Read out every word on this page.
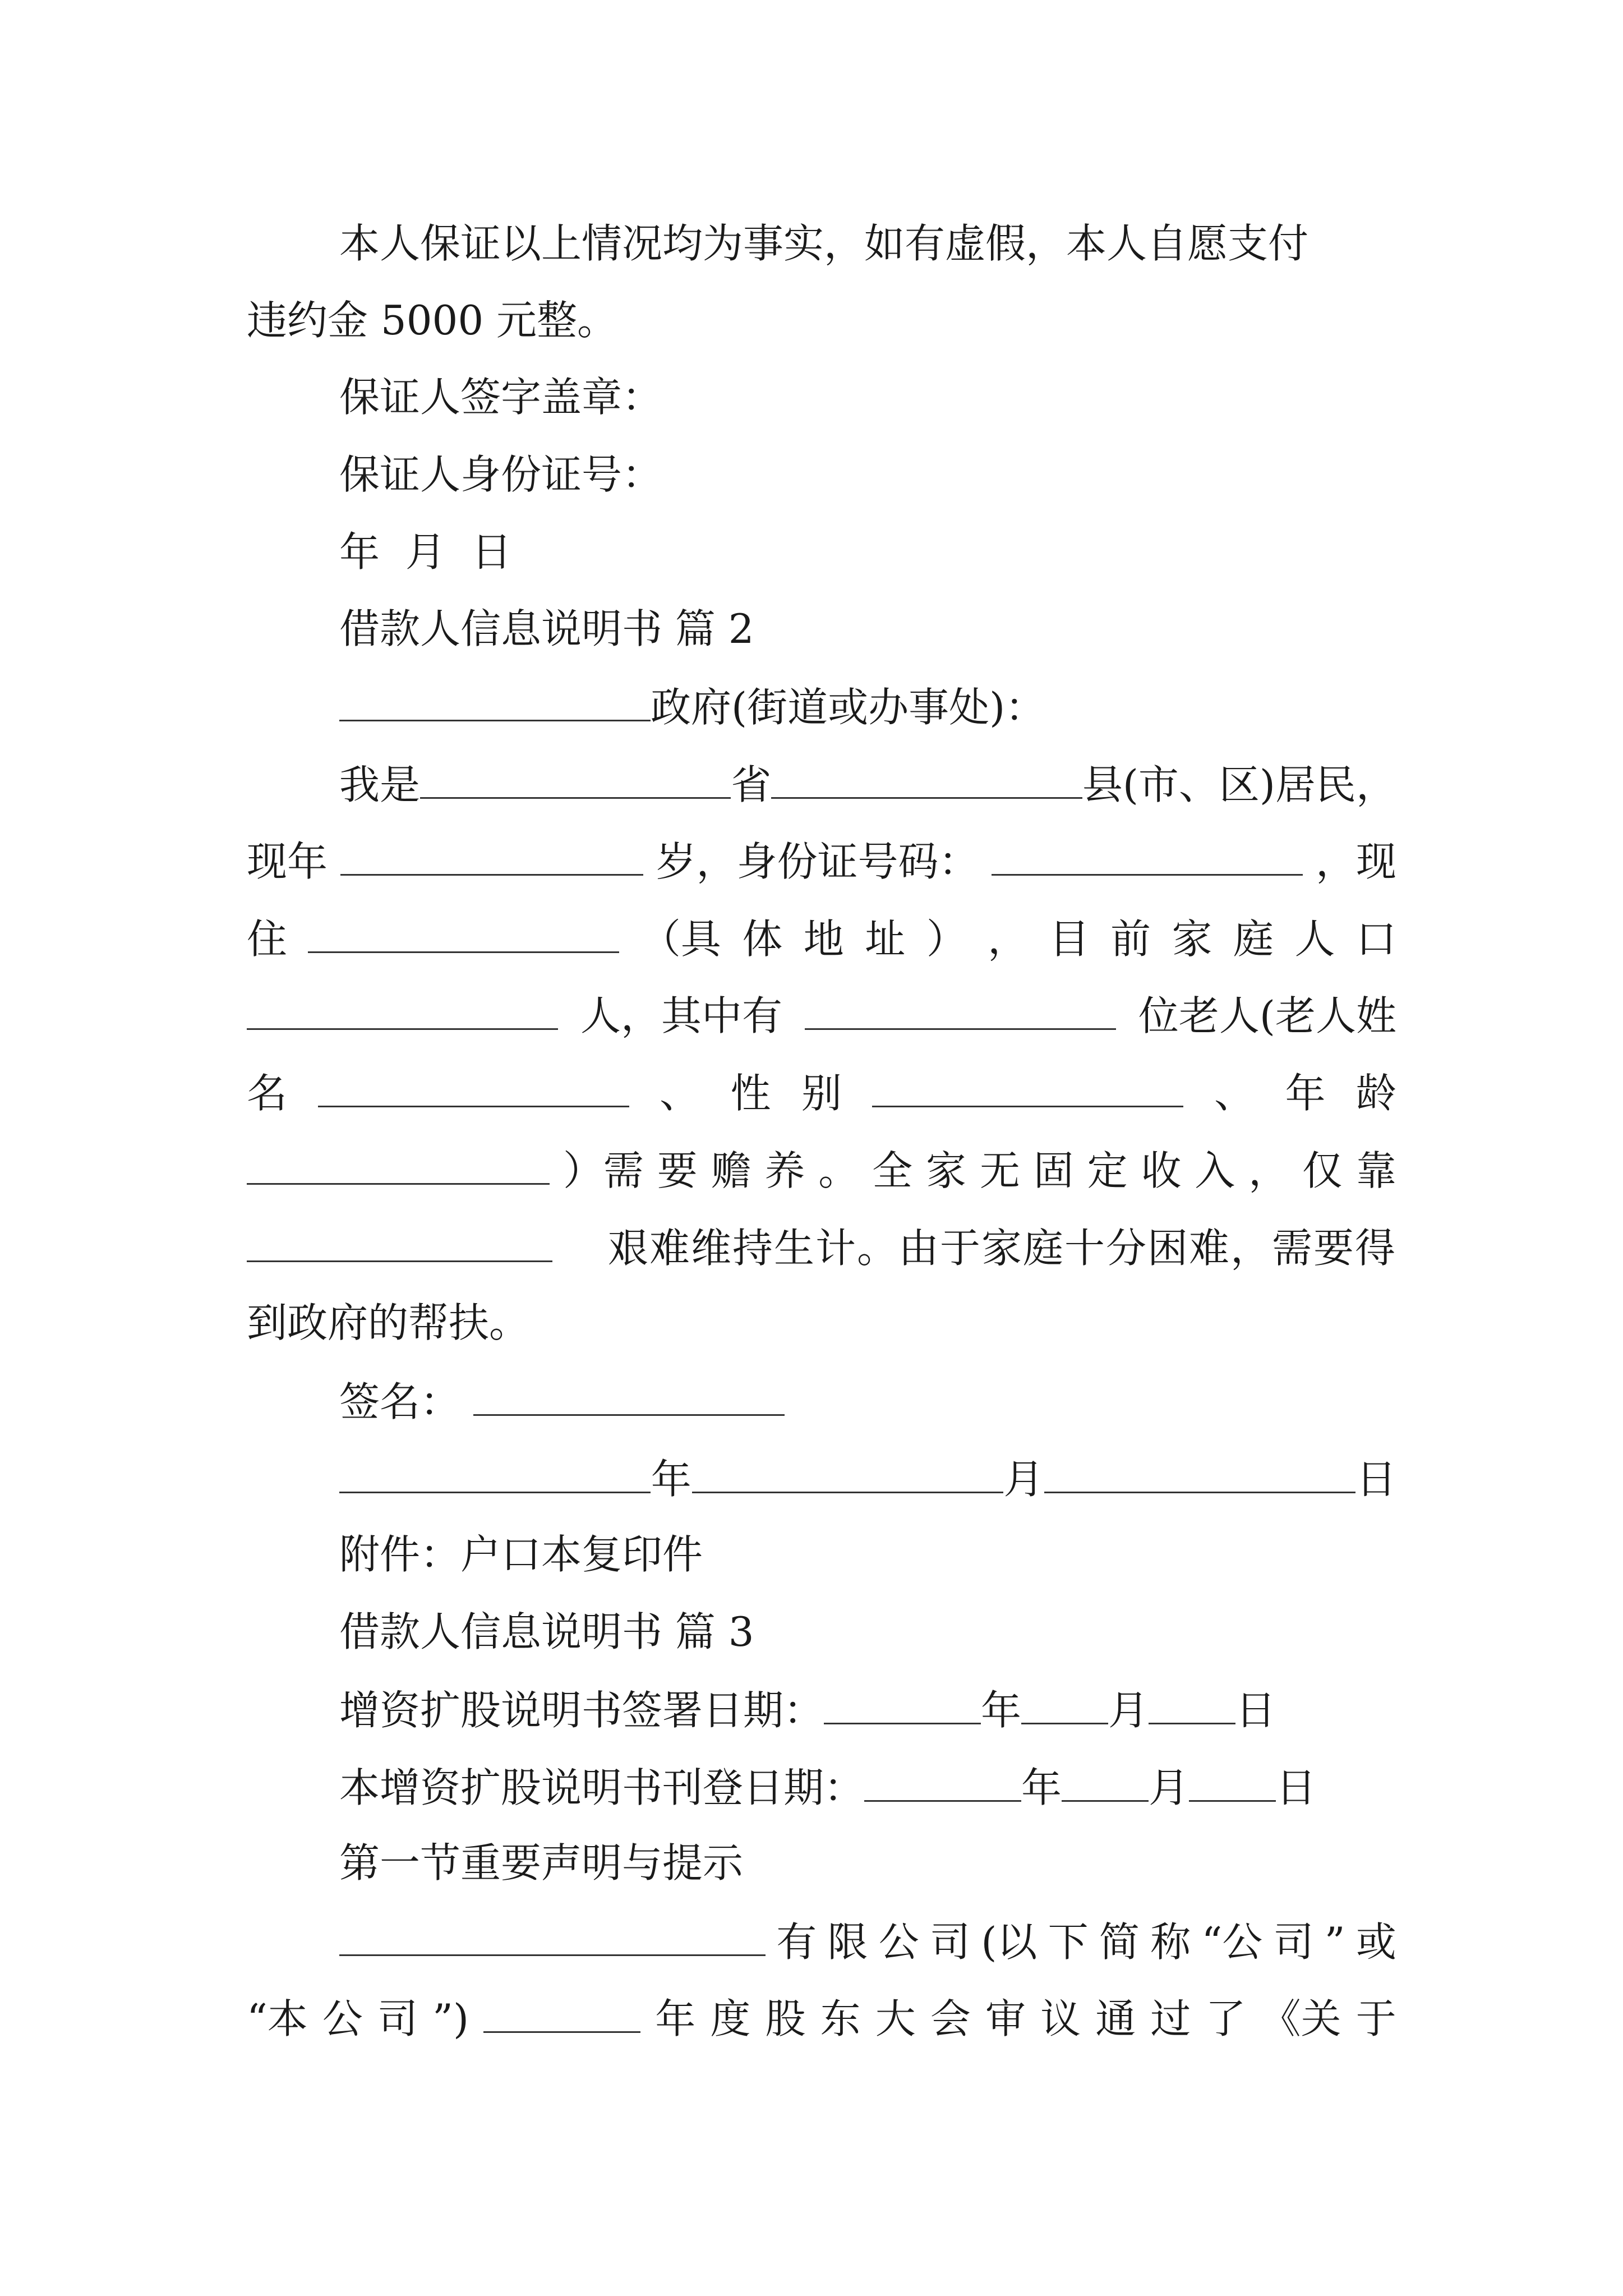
本人保证以上情况均为事实，如有虚假，本人自愿支付
违约金 5000 元整。
保证人签字盖章：
保证人身份证号：
年  月  日
借款人信息说明书 篇 2
政府(街道或办事处)：
我是	省	县(市、区)居民，
现年	岁，身份证号码：	，现
住	（具 体 地 址 ） ， 目 前 家 庭 人 口
人，其中有	位老人(老人姓
名	、 性 别	、 年 龄
）需 要 赡 养 。 全 家 无 固 定 收 入 ， 仅 靠
艰难维持生计。由于家庭十分困难，需要得
到政府的帮扶。
签名：
年	月	日
附件：户口本复印件
借款人信息说明书 篇 3
增资扩股说明书签署日期：	年 月 日
本增资扩股说明书刊登日期：	年 月 日
第一节重要声明与提示
有 限 公 司 (以 下 简 称 “公 司 ” 或
“本 公 司 ”)	年 度 股 东 大 会 审 议 通 过 了 《关 于
